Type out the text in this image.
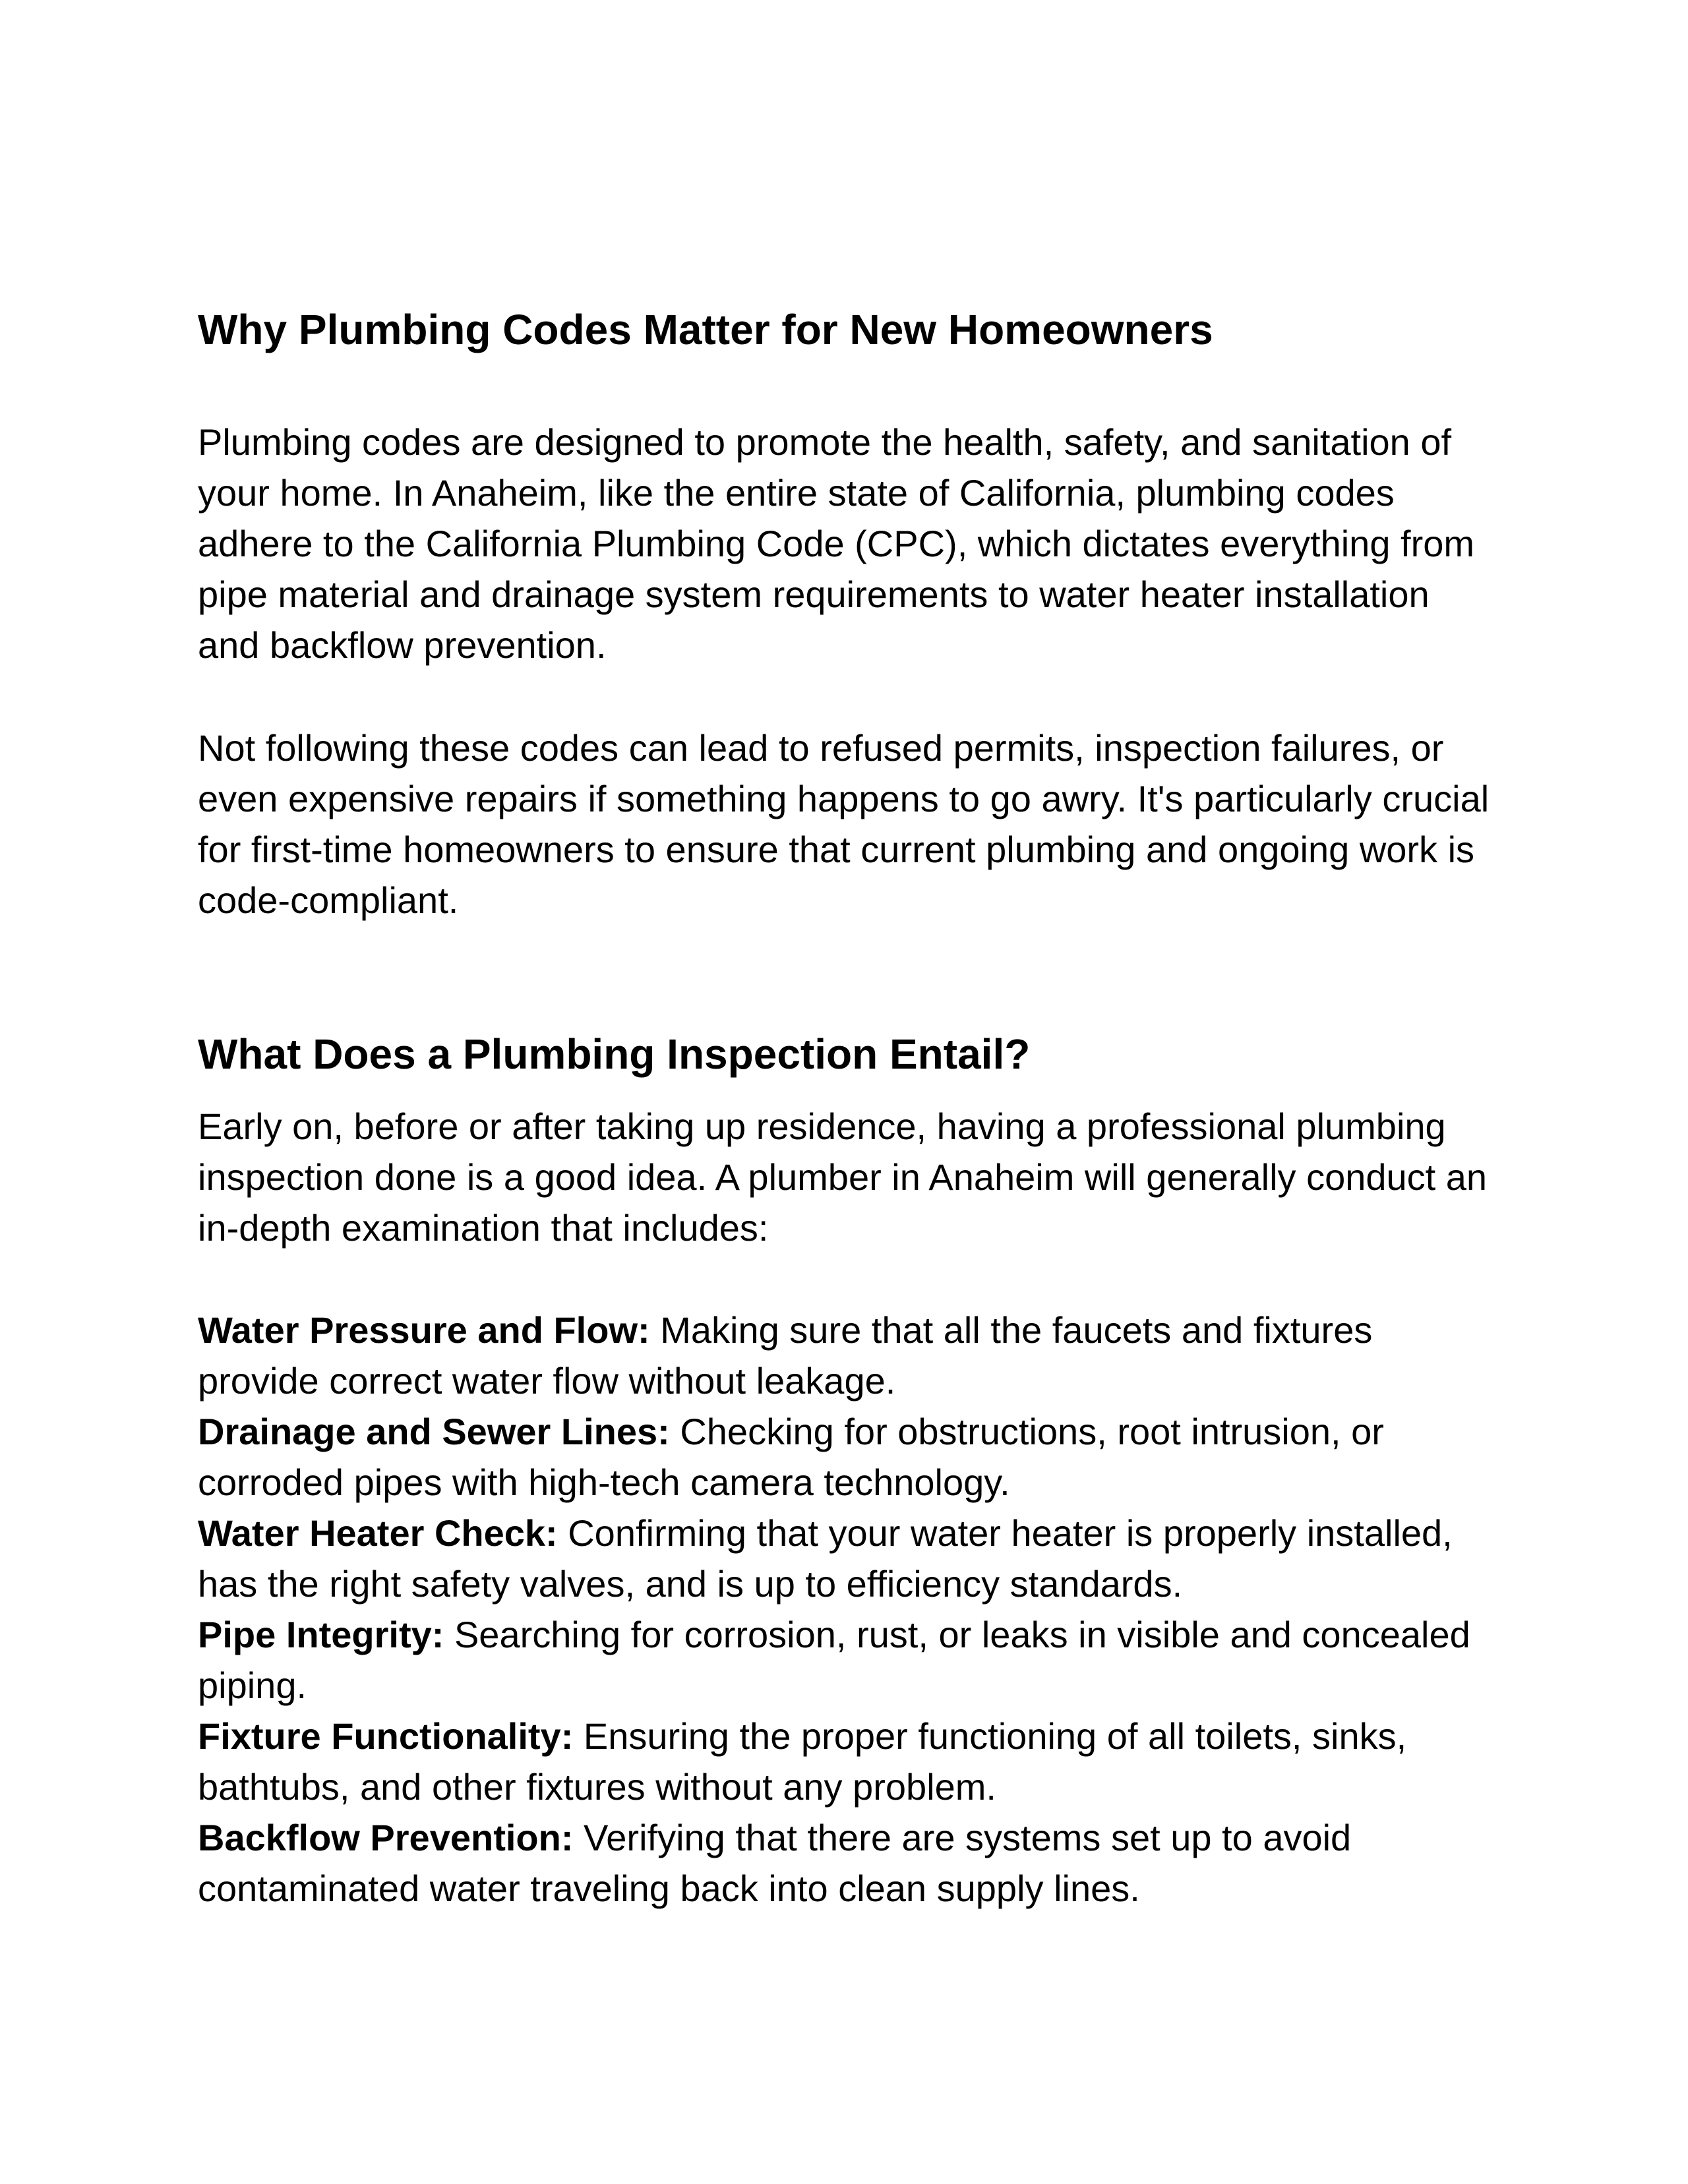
Why Plumbing Codes Matter for New Homeowners

Plumbing codes are designed to promote the health, safety, and sanitation of your home. In Anaheim, like the entire state of California, plumbing codes adhere to the California Plumbing Code (CPC), which dictates everything from pipe material and drainage system requirements to water heater installation and backflow prevention.

Not following these codes can lead to refused permits, inspection failures, or even expensive repairs if something happens to go awry. It's particularly crucial for first-time homeowners to ensure that current plumbing and ongoing work is code-compliant.

What Does a Plumbing Inspection Entail?

Early on, before or after taking up residence, having a professional plumbing inspection done is a good idea. A plumber in Anaheim will generally conduct an in-depth examination that includes:

Water Pressure and Flow: Making sure that all the faucets and fixtures provide correct water flow without leakage.
Drainage and Sewer Lines: Checking for obstructions, root intrusion, or corroded pipes with high-tech camera technology.
Water Heater Check: Confirming that your water heater is properly installed, has the right safety valves, and is up to efficiency standards.
Pipe Integrity: Searching for corrosion, rust, or leaks in visible and concealed piping.
Fixture Functionality: Ensuring the proper functioning of all toilets, sinks, bathtubs, and other fixtures without any problem.
Backflow Prevention: Verifying that there are systems set up to avoid contaminated water traveling back into clean supply lines.
